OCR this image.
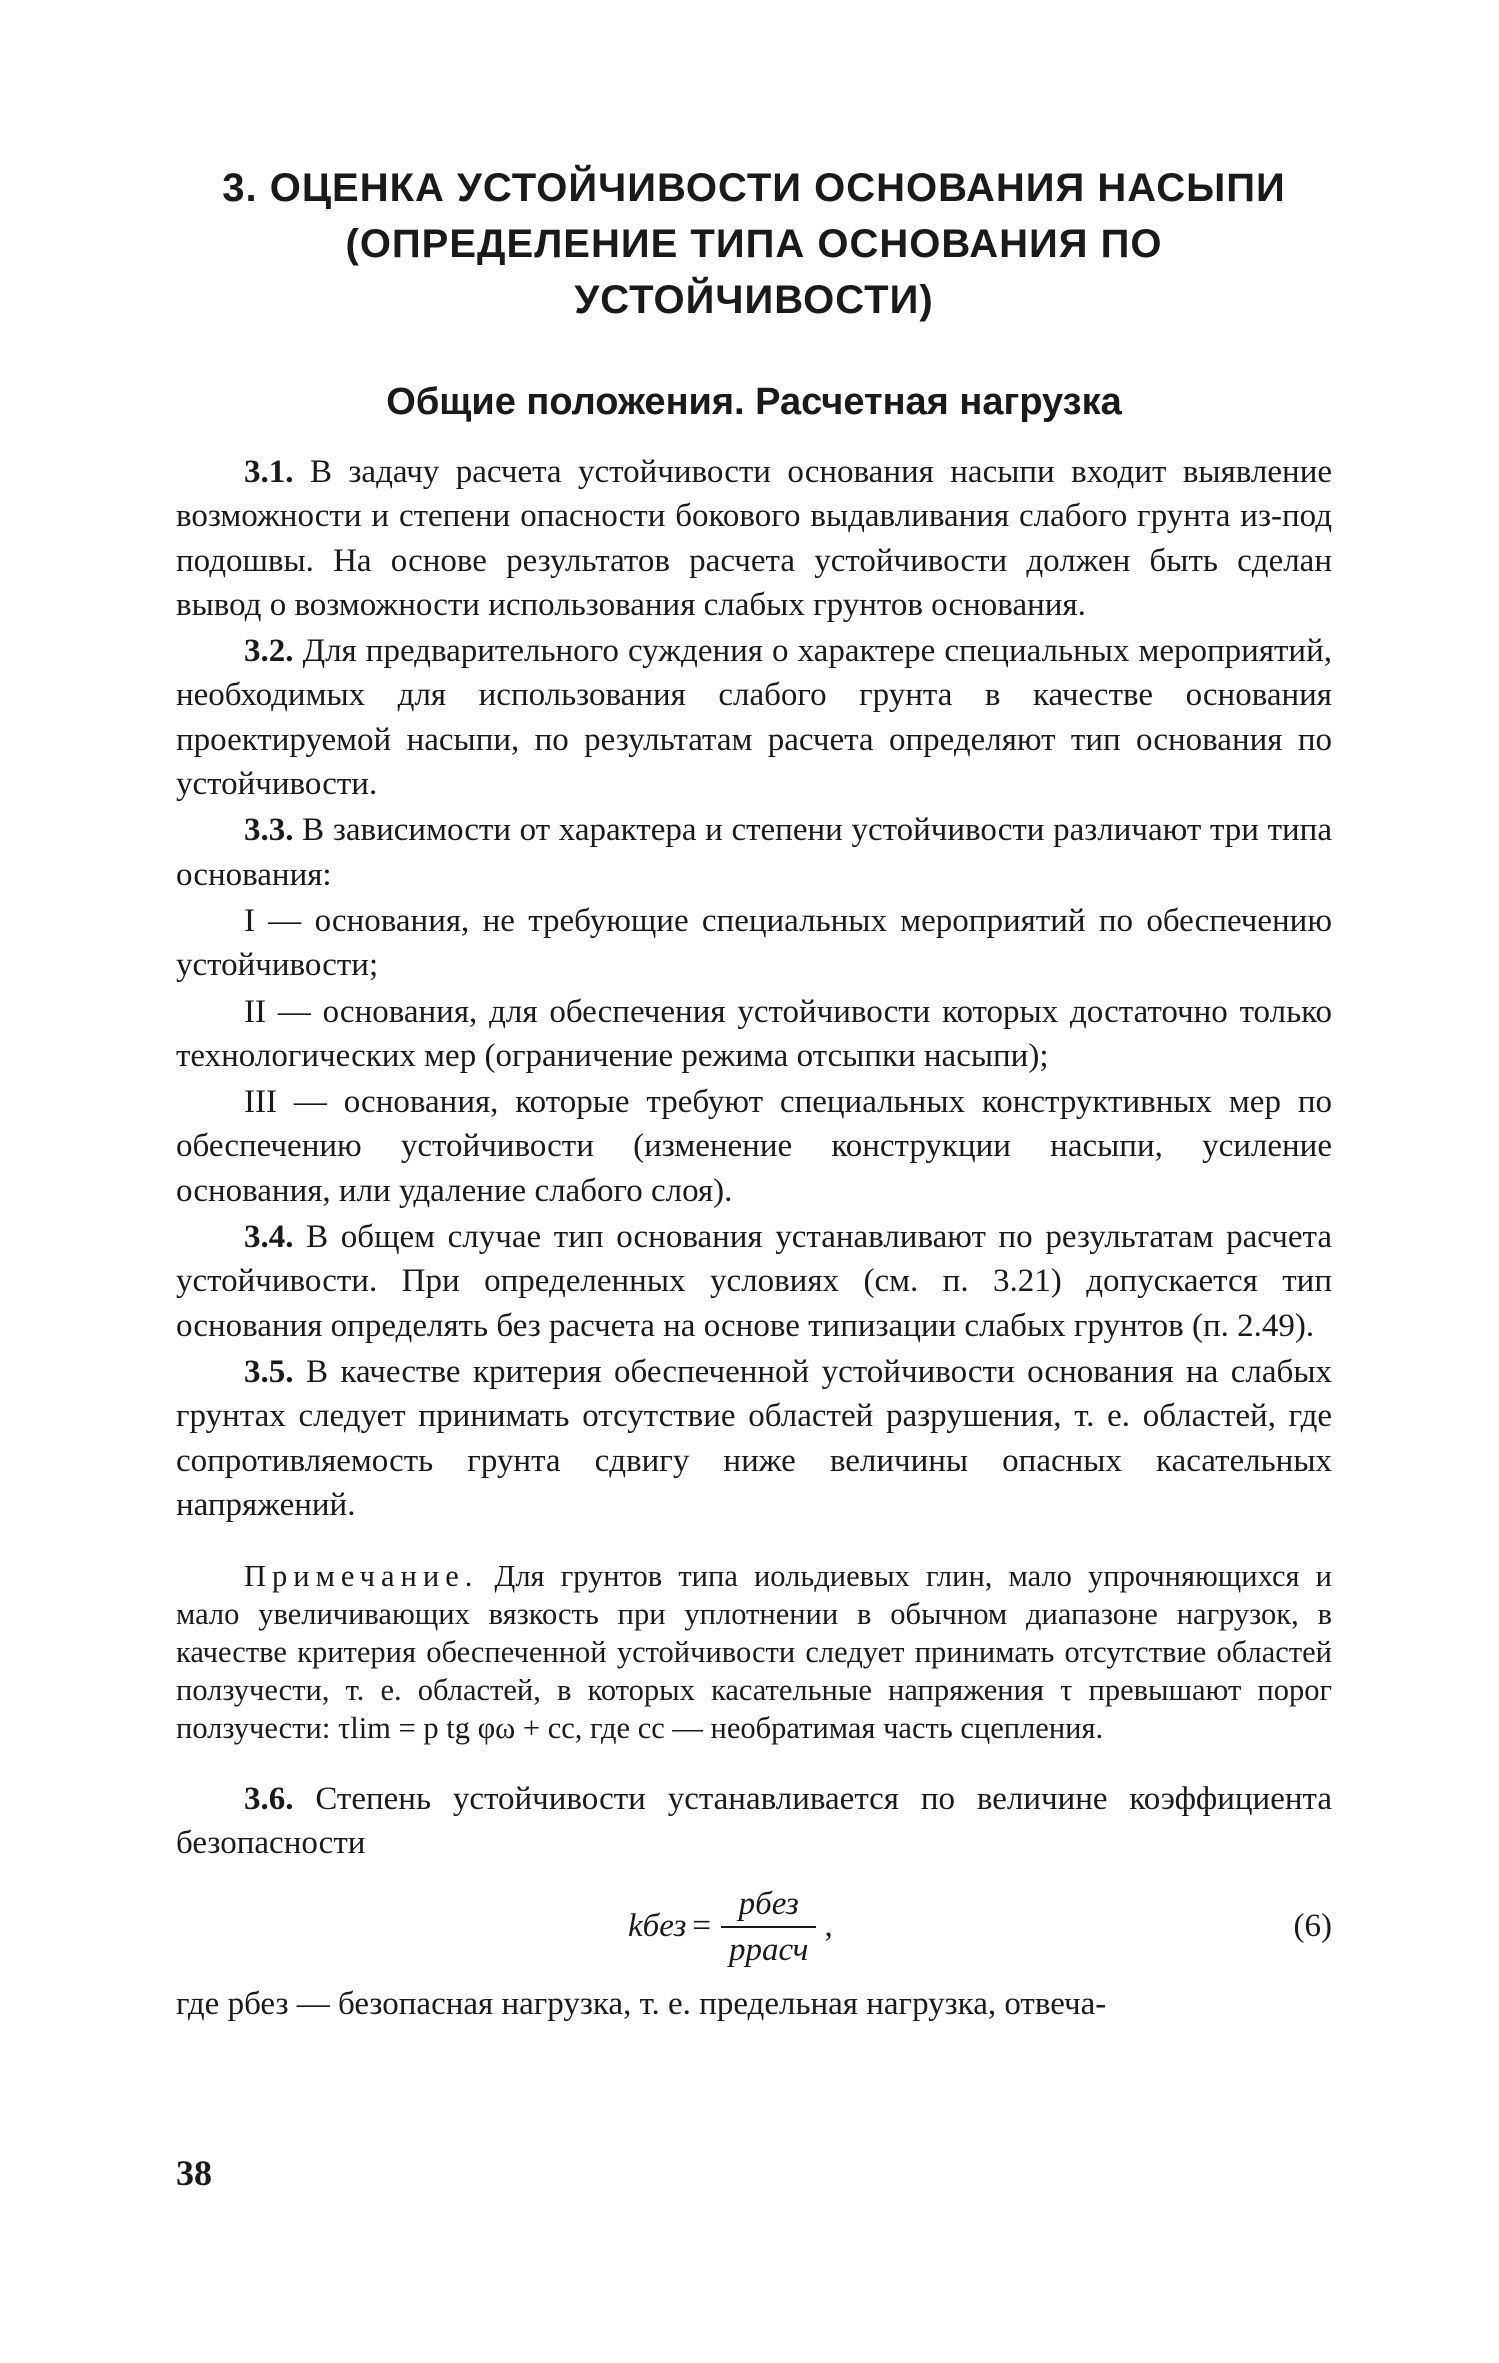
3. ОЦЕНКА УСТОЙЧИВОСТИ ОСНОВАНИЯ НАСЫПИ
(ОПРЕДЕЛЕНИЕ ТИПА ОСНОВАНИЯ ПО УСТОЙЧИВОСТИ)
Общие положения. Расчетная нагрузка

3.1. В задачу расчета устойчивости основания насыпи входит выявление возможности и степени опасности бокового выдавливания слабого грунта из-под подошвы. На основе результатов расчета устойчивости должен быть сделан вывод о возможности использования слабых грунтов основания.

3.2. Для предварительного суждения о характере специальных мероприятий, необходимых для использования слабого грунта в качестве основания проектируемой насыпи, по результатам расчета определяют тип основания по устойчивости.

3.3. В зависимости от характера и степени устойчивости различают три типа основания:

I — основания, не требующие специальных мероприятий по обеспечению устойчивости;

II — основания, для обеспечения устойчивости которых достаточно только технологических мер (ограничение режима отсыпки насыпи);

III — основания, которые требуют специальных конструктивных мер по обеспечению устойчивости (изменение конструкции насыпи, усиление основания, или удаление слабого слоя).

3.4. В общем случае тип основания устанавливают по результатам расчета устойчивости. При определенных условиях (см. п. 3.21) допускается тип основания определять без расчета на основе типизации слабых грунтов (п. 2.49).

3.5. В качестве критерия обеспеченной устойчивости основания на слабых грунтах следует принимать отсутствие областей разрушения, т. е. областей, где сопротивляемость грунта сдвигу ниже величины опасных касательных напряжений.

Примечание. Для грунтов типа иольдиевых глин, мало упрочняющихся и мало увеличивающих вязкость при уплотнении в обычном диапазоне нагрузок, в качестве критерия обеспеченной устойчивости следует принимать отсутствие областей ползучести, т. е. областей, в которых касательные напряжения τ превышают порог ползучести: τlim = p tg φω + cc, где cc — необратимая часть сцепления.

3.6. Степень устойчивости устанавливается по величине коэффициента безопасности

kбез = $\frac{\text{pбез}}{\text{pрасч}}$ ,	(6)

где pбез — безопасная нагрузка, т. е. предельная нагрузка, отвеча-

38
